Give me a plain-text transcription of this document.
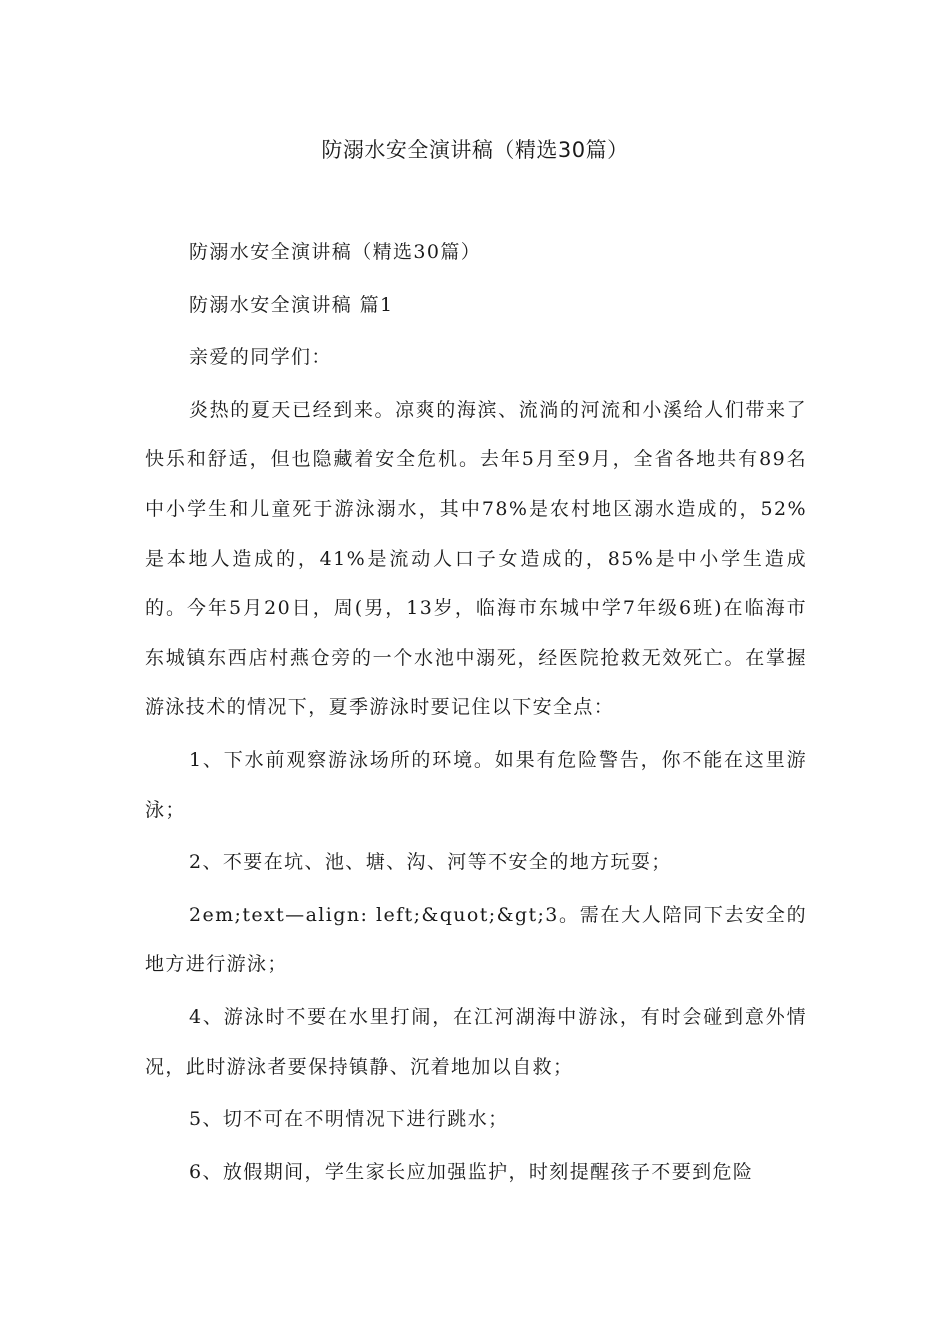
防溺水安全演讲稿（精选30篇）

防溺水安全演讲稿（精选30篇）

防溺水安全演讲稿 篇1

亲爱的同学们：

炎热的夏天已经到来。凉爽的海滨、流淌的河流和小溪给人们带来了快乐和舒适，但也隐藏着安全危机。去年5月至9月，全省各地共有89名中小学生和儿童死于游泳溺水，其中78%是农村地区溺水造成的，52%是本地人造成的，41%是流动人口子女造成的，85%是中小学生造成的。今年5月20日，周(男，13岁，临海市东城中学7年级6班)在临海市东城镇东西店村燕仓旁的一个水池中溺死，经医院抢救无效死亡。在掌握游泳技术的情况下，夏季游泳时要记住以下安全点：

1、下水前观察游泳场所的环境。如果有危险警告，你不能在这里游泳；

2、不要在坑、池、塘、沟、河等不安全的地方玩耍；

2em;text—align: left;&quot;&gt;3。需在大人陪同下去安全的地方进行游泳；

4、游泳时不要在水里打闹，在江河湖海中游泳，有时会碰到意外情况，此时游泳者要保持镇静、沉着地加以自救；

5、切不可在不明情况下进行跳水；

6、放假期间，学生家长应加强监护，时刻提醒孩子不要到危险
